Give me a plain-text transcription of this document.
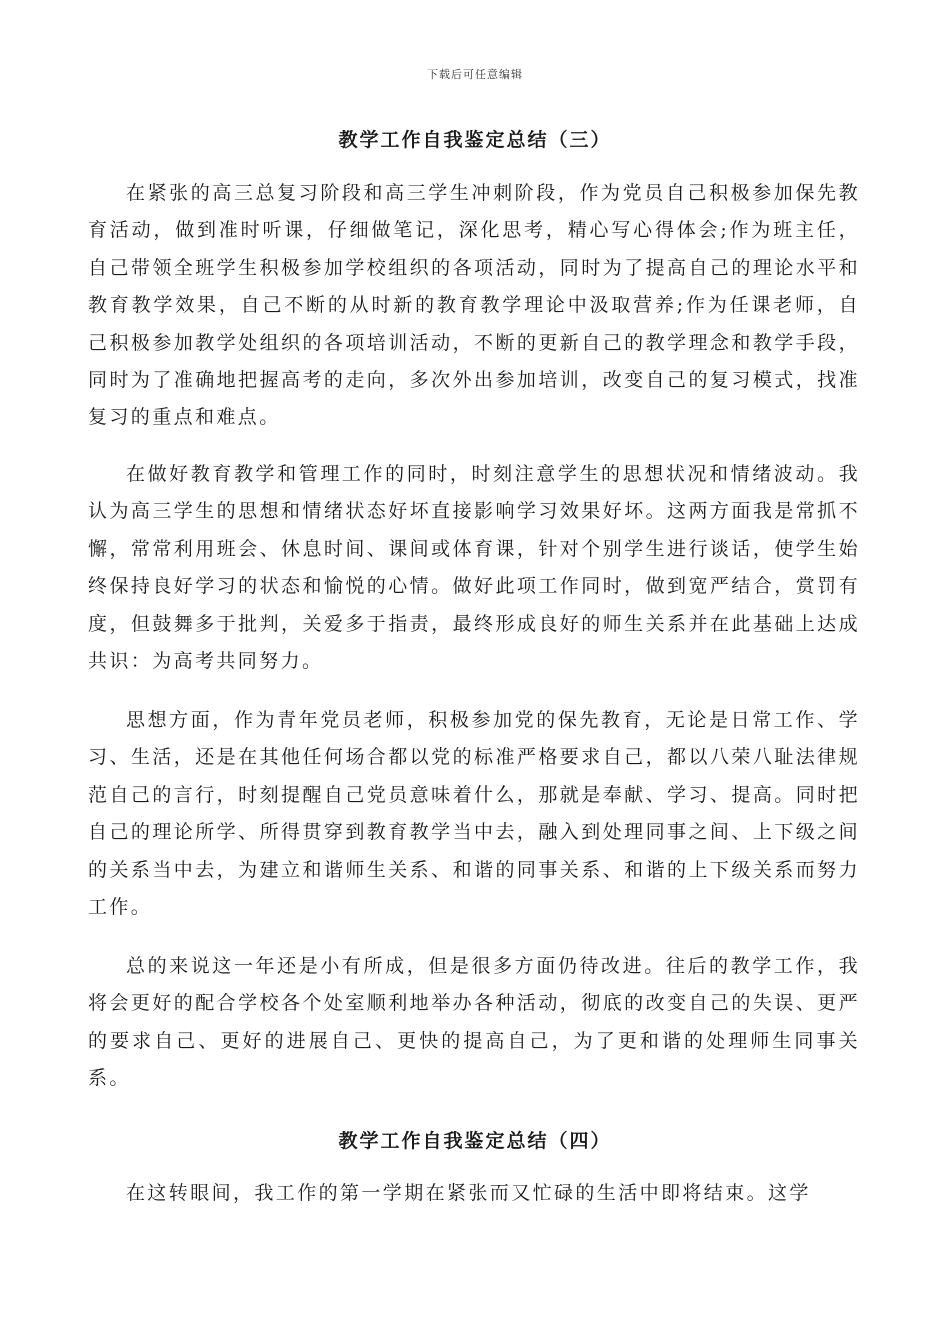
下载后可任意编辑
教学工作自我鉴定总结（三）

在紧张的高三总复习阶段和高三学生冲刺阶段，作为党员自己积极参加保先教育活动，做到准时听课，仔细做笔记，深化思考，精心写心得体会;作为班主任，自己带领全班学生积极参加学校组织的各项活动，同时为了提高自己的理论水平和教育教学效果，自己不断的从时新的教育教学理论中汲取营养;作为任课老师，自己积极参加教学处组织的各项培训活动，不断的更新自己的教学理念和教学手段，同时为了准确地把握高考的走向，多次外出参加培训，改变自己的复习模式，找准复习的重点和难点。

在做好教育教学和管理工作的同时，时刻注意学生的思想状况和情绪波动。我认为高三学生的思想和情绪状态好坏直接影响学习效果好坏。这两方面我是常抓不懈，常常利用班会、休息时间、课间或体育课，针对个别学生进行谈话，使学生始终保持良好学习的状态和愉悦的心情。做好此项工作同时，做到宽严结合，赏罚有度，但鼓舞多于批判，关爱多于指责，最终形成良好的师生关系并在此基础上达成共识：为高考共同努力。

思想方面，作为青年党员老师，积极参加党的保先教育，无论是日常工作、学习、生活，还是在其他任何场合都以党的标准严格要求自己，都以八荣八耻法律规范自己的言行，时刻提醒自己党员意味着什么，那就是奉献、学习、提高。同时把自己的理论所学、所得贯穿到教育教学当中去，融入到处理同事之间、上下级之间的关系当中去，为建立和谐师生关系、和谐的同事关系、和谐的上下级关系而努力工作。

总的来说这一年还是小有所成，但是很多方面仍待改进。往后的教学工作，我将会更好的配合学校各个处室顺利地举办各种活动，彻底的改变自己的失误、更严的要求自己、更好的进展自己、更快的提高自己，为了更和谐的处理师生同事关系。

教学工作自我鉴定总结（四）

在这转眼间，我工作的第一学期在紧张而又忙碌的生活中即将结束。这学
